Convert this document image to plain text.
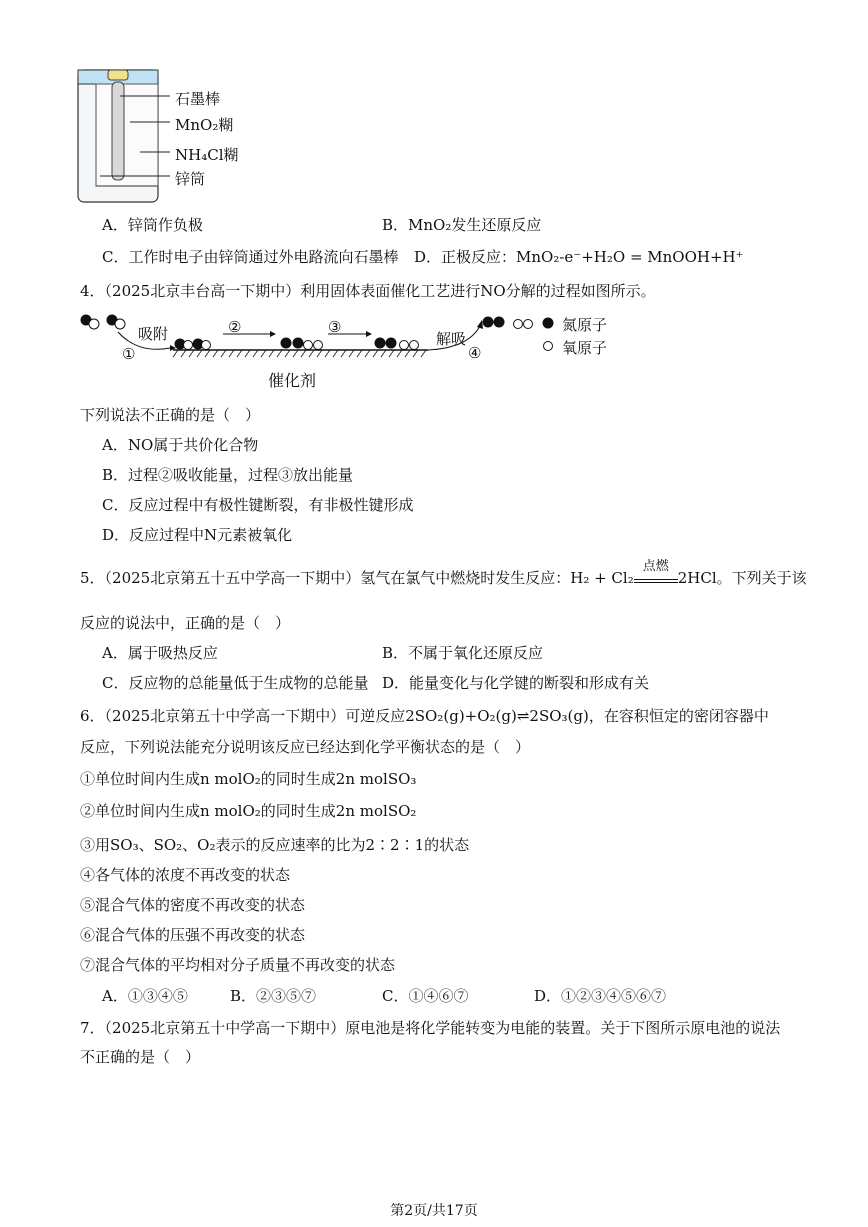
石墨棒
MnO₂糊
NH₄Cl糊
锌筒
A．锌筒作负极	B．MnO₂发生还原反应
C．工作时电子由锌筒通过外电路流向石墨棒 D．正极反应：MnO₂-e⁻+H₂O = MnOOH+H⁺
4．（2025北京丰台高一下期中）利用固体表面催化工艺进行NO分解的过程如图所示。
吸附
①
②	③
解吸
④
催化剂
氮原子
氧原子
下列说法不正确的是（　）
A．NO属于共价化合物
B．过程②吸收能量，过程③放出能量
C．反应过程中有极性键断裂，有非极性键形成
D．反应过程中N元素被氧化
5．（2025北京第五十五中学高一下期中）氢气在氯气中燃烧时发生反应：H₂ + Cl₂
点燃
2HCl。下列关于该
反应的说法中，正确的是（　）
A．属于吸热反应	B．不属于氧化还原反应
C．反应物的总能量低于生成物的总能量 D．能量变化与化学键的断裂和形成有关
6．（2025北京第五十中学高一下期中）可逆反应2SO₂(g)+O₂(g)⇌2SO₃(g)，在容积恒定的密闭容器中
反应，下列说法能充分说明该反应已经达到化学平衡状态的是（　）
①单位时间内生成n molO₂的同时生成2n molSO₃
②单位时间内生成n molO₂的同时生成2n molSO₂
③用SO₃、SO₂、O₂表示的反应速率的比为2∶2∶1的状态
④各气体的浓度不再改变的状态
⑤混合气体的密度不再改变的状态
⑥混合气体的压强不再改变的状态
⑦混合气体的平均相对分子质量不再改变的状态
A．①③④⑤	B．②③⑤⑦	C．①④⑥⑦	D．①②③④⑤⑥⑦
7．（2025北京第五十中学高一下期中）原电池是将化学能转变为电能的装置。关于下图所示原电池的说法
不正确的是（　）
第2页/共17页
